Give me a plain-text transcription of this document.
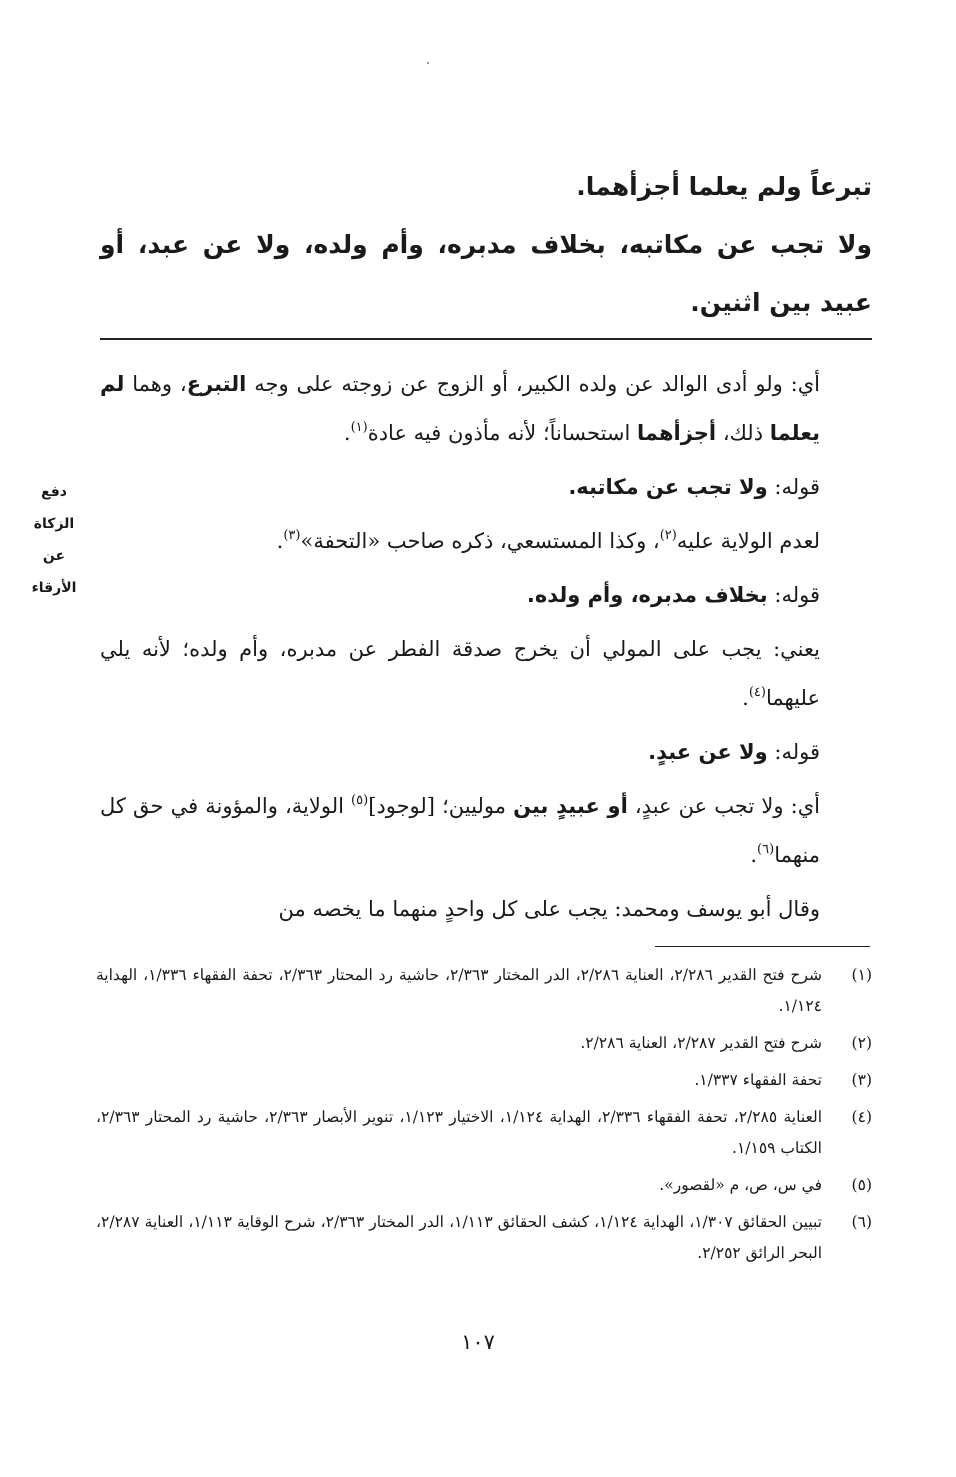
تبرعاً ولم يعلما أجزأهما.

ولا تجب عن مكاتبه، بخلاف مدبره، وأم ولده، ولا عن عبد، أو عبيد بين اثنين.

أي: ولو أدى الوالد عن ولده الكبير، أو الزوج عن زوجته على وجه التبرع، وهما لم يعلما ذلك، أجزأهما استحساناً؛ لأنه مأذون فيه عادة$^{(١)}$.

قوله: ولا تجب عن مكاتبه.

لعدم الولاية عليه$^{(٢)}$، وكذا المستسعي، ذكره صاحب «التحفة»$^{(٣)}$.

قوله: بخلاف مدبره، وأم ولده.

يعني: يجب على المولي أن يخرج صدقة الفطر عن مدبره، وأم ولده؛ لأنه يلي عليهما$^{(٤)}$.

قوله: ولا عن عبدٍ.

أي: ولا تجب عن عبدٍ، أو عبيدٍ بين موليين؛ [لوجود]$^{(٥)}$ الولاية، والمؤونة في حق كل منهما$^{(٦)}$.

وقال أبو يوسف ومحمد: يجب على كل واحدٍ منهما ما يخصه من

دفع
الزكاة
عن
الأرقاء
(١)
شرح فتح القدير ٢/٢٨٦، العناية ٢/٢٨٦، الدر المختار ٢/٣٦٣، حاشية رد المحتار ٢/٣٦٣، تحفة الفقهاء ١/٣٣٦، الهداية ١/١٢٤.
(٢)
شرح فتح القدير ٢/٢٨٧، العناية ٢/٢٨٦.
(٣)
تحفة الفقهاء ١/٣٣٧.
(٤)
العناية ٢/٢٨٥، تحفة الفقهاء ٢/٣٣٦، الهداية ١/١٢٤، الاختيار ١/١٢٣، تنوير الأبصار ٢/٣٦٣، حاشية رد المحتار ٢/٣٦٣، الكتاب ١/١٥٩.
(٥)
في س، ص، م «لقصور».
(٦)
تبيين الحقائق ١/٣٠٧، الهداية ١/١٢٤، كشف الحقائق ١/١١٣، الدر المختار ٢/٣٦٣، شرح الوقاية ١/١١٣، العناية ٢/٢٨٧، البحر الرائق ٢/٢٥٢.
١٠٧
